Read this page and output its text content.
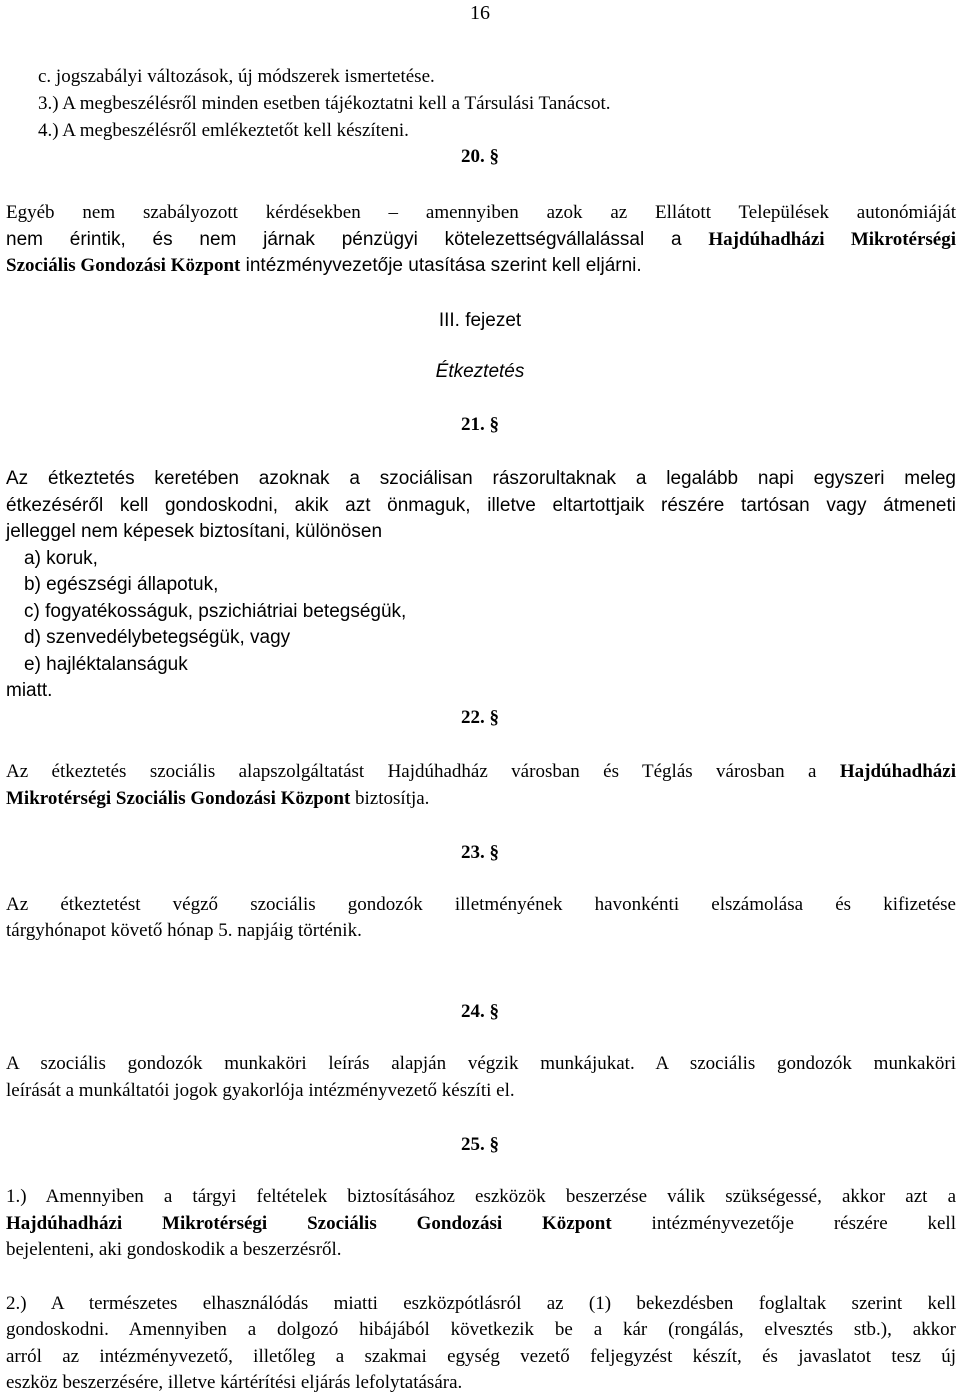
16
c. jogszabályi változások, új módszerek ismertetése.
3.) A megbeszélésről minden esetben tájékoztatni kell a Társulási Tanácsot.
4.) A megbeszélésről emlékeztetőt kell készíteni.
20. §
Egyéb nem szabályozott kérdésekben – amennyiben azok az Ellátott Települések autonómiáját
nem érintik, és nem járnak pénzügyi kötelezettségvállalással a Hajdúhadházi Mikrotérségi
Szociális Gondozási Központ intézményvezetője utasítása szerint kell eljárni.
III. fejezet
Étkeztetés
21. §
Az étkeztetés keretében azoknak a szociálisan rászorultaknak a legalább napi egyszeri meleg
étkezéséről kell gondoskodni, akik azt önmaguk, illetve eltartottjaik részére tartósan vagy átmeneti
jelleggel nem képesek biztosítani, különösen
a) koruk,
b) egészségi állapotuk,
c) fogyatékosságuk, pszichiátriai betegségük,
d) szenvedélybetegségük, vagy
e) hajléktalanságuk
miatt.
22. §
Az étkeztetés szociális alapszolgáltatást Hajdúhadház városban és Téglás városban a Hajdúhadházi
Mikrotérségi Szociális Gondozási Központ biztosítja.
23. §
Az étkeztetést végző szociális gondozók illetményének havonkénti elszámolása és kifizetése
tárgyhónapot követő hónap 5. napjáig történik.
24. §
A szociális gondozók munkaköri leírás alapján végzik munkájukat. A szociális gondozók munkaköri
leírását a munkáltatói jogok gyakorlója intézményvezető készíti el.
25. §
1.) Amennyiben a tárgyi feltételek biztosításához eszközök beszerzése válik szükségessé, akkor azt a
Hajdúhadházi Mikrotérségi Szociális Gondozási Központ intézményvezetője részére kell
bejelenteni, aki gondoskodik a beszerzésről.
2.) A természetes elhasználódás miatti eszközpótlásról az (1) bekezdésben foglaltak szerint kell
gondoskodni. Amennyiben a dolgozó hibájából következik be a kár (rongálás, elvesztés stb.), akkor
arról az intézményvezető, illetőleg a szakmai egység vezető feljegyzést készít, és javaslatot tesz új
eszköz beszerzésére, illetve kártérítési eljárás lefolytatására.
